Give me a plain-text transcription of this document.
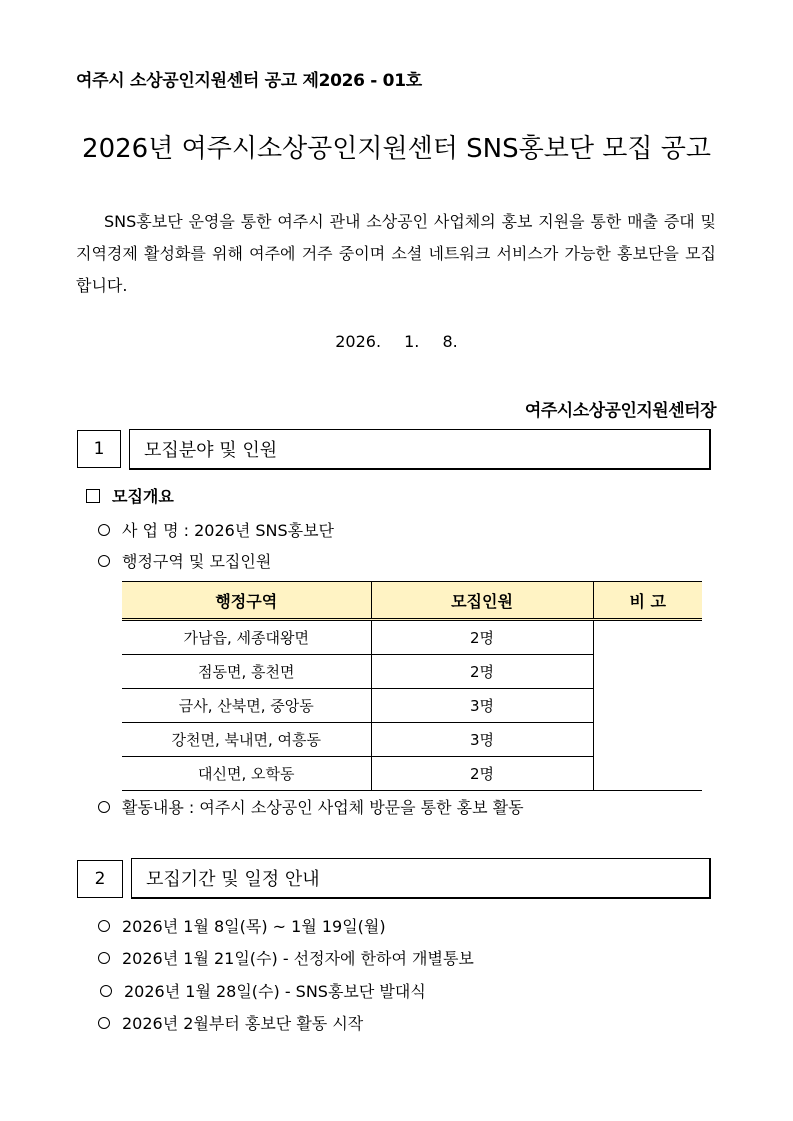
여주시 소상공인지원센터 공고 제2026 - 01호
2026년 여주시소상공인지원센터 SNS홍보단 모집 공고

SNS홍보단 운영을 통한 여주시 관내 소상공인 사업체의 홍보 지원을 통한 매출 증대 및 지역경제 활성화를 위해 여주에 거주 중이며 소셜 네트워크 서비스가 가능한 홍보단을 모집합니다.

2026. 1. 8.
여주시소상공인지원센터장
1	모집분야 및 인원
모집개요
사 업 명 : 2026년 SNS홍보단
행정구역 및 모집인원
행정구역	모집인원	비 고
가남읍, 세종대왕면	2명	
점동면, 흥천면	2명	
금사, 산북면, 중앙동	3명	
강천면, 북내면, 여흥동	3명	
대신면, 오학동	2명	
활동내용 : 여주시 소상공인 사업체 방문을 통한 홍보 활동
2	모집기간 및 일정 안내
2026년 1월 8일(목) ~ 1월 19일(월)
2026년 1월 21일(수) - 선정자에 한하여 개별통보
2026년 1월 28일(수) - SNS홍보단 발대식
2026년 2월부터 홍보단 활동 시작
